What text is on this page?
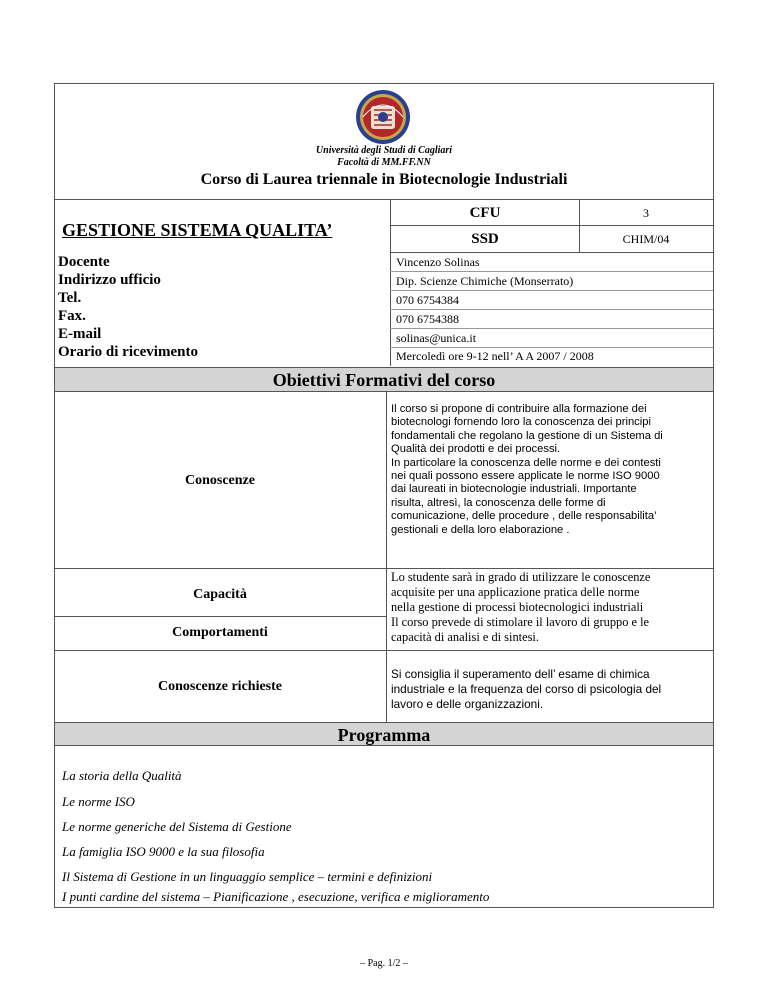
Università degli Studi di Cagliari
Facoltà di MM.FF.NN
Corso di Laurea triennale in Biotecnologie Industriali
GESTIONE SISTEMA QUALITA’
CFU	3
SSD	CHIM/04
Docente
Indirizzo ufficio
Tel.
Fax.
E-mail
Orario di ricevimento
Vincenzo Solinas
Dip. Scienze Chimiche (Monserrato)
070 6754384
070 6754388
solinas@unica.it
Mercoledì ore 9-12 nell’ A A 2007 / 2008
Obiettivi Formativi del corso
Conoscenze
Il corso si propone di contribuire alla formazione dei
biotecnologi fornendo loro la conoscenza dei principi
fondamentali che regolano la gestione di un Sistema di
Qualità dei prodotti e dei processi.
In particolare la conoscenza delle norme e dei contesti
nei quali possono essere applicate le norme ISO 9000
dai laureati in biotecnologie industriali. Importante
risulta, altresì, la conoscenza delle forme di
comunicazione, delle procedure , delle responsabilita’
gestionali e della loro elaborazione .
Capacità
Comportamenti
Lo studente sarà in grado di utilizzare le conoscenze
acquisite per una applicazione pratica delle norme
nella gestione di processi biotecnologici industriali
Il corso prevede di stimolare il lavoro di gruppo e le
capacità di analisi e di sintesi.
Conoscenze richieste
Si consiglia il superamento dell’ esame di chimica
industriale e la frequenza del corso di psicologia del
lavoro e delle organizzazioni.
Programma
La storia della Qualità
Le norme ISO
Le norme generiche del Sistema di Gestione
La famiglia ISO 9000 e la sua filosofia
Il Sistema di Gestione in un linguaggio semplice – termini e definizioni
I punti cardine del sistema – Pianificazione , esecuzione, verifica e miglioramento
– Pag. 1/2 –
